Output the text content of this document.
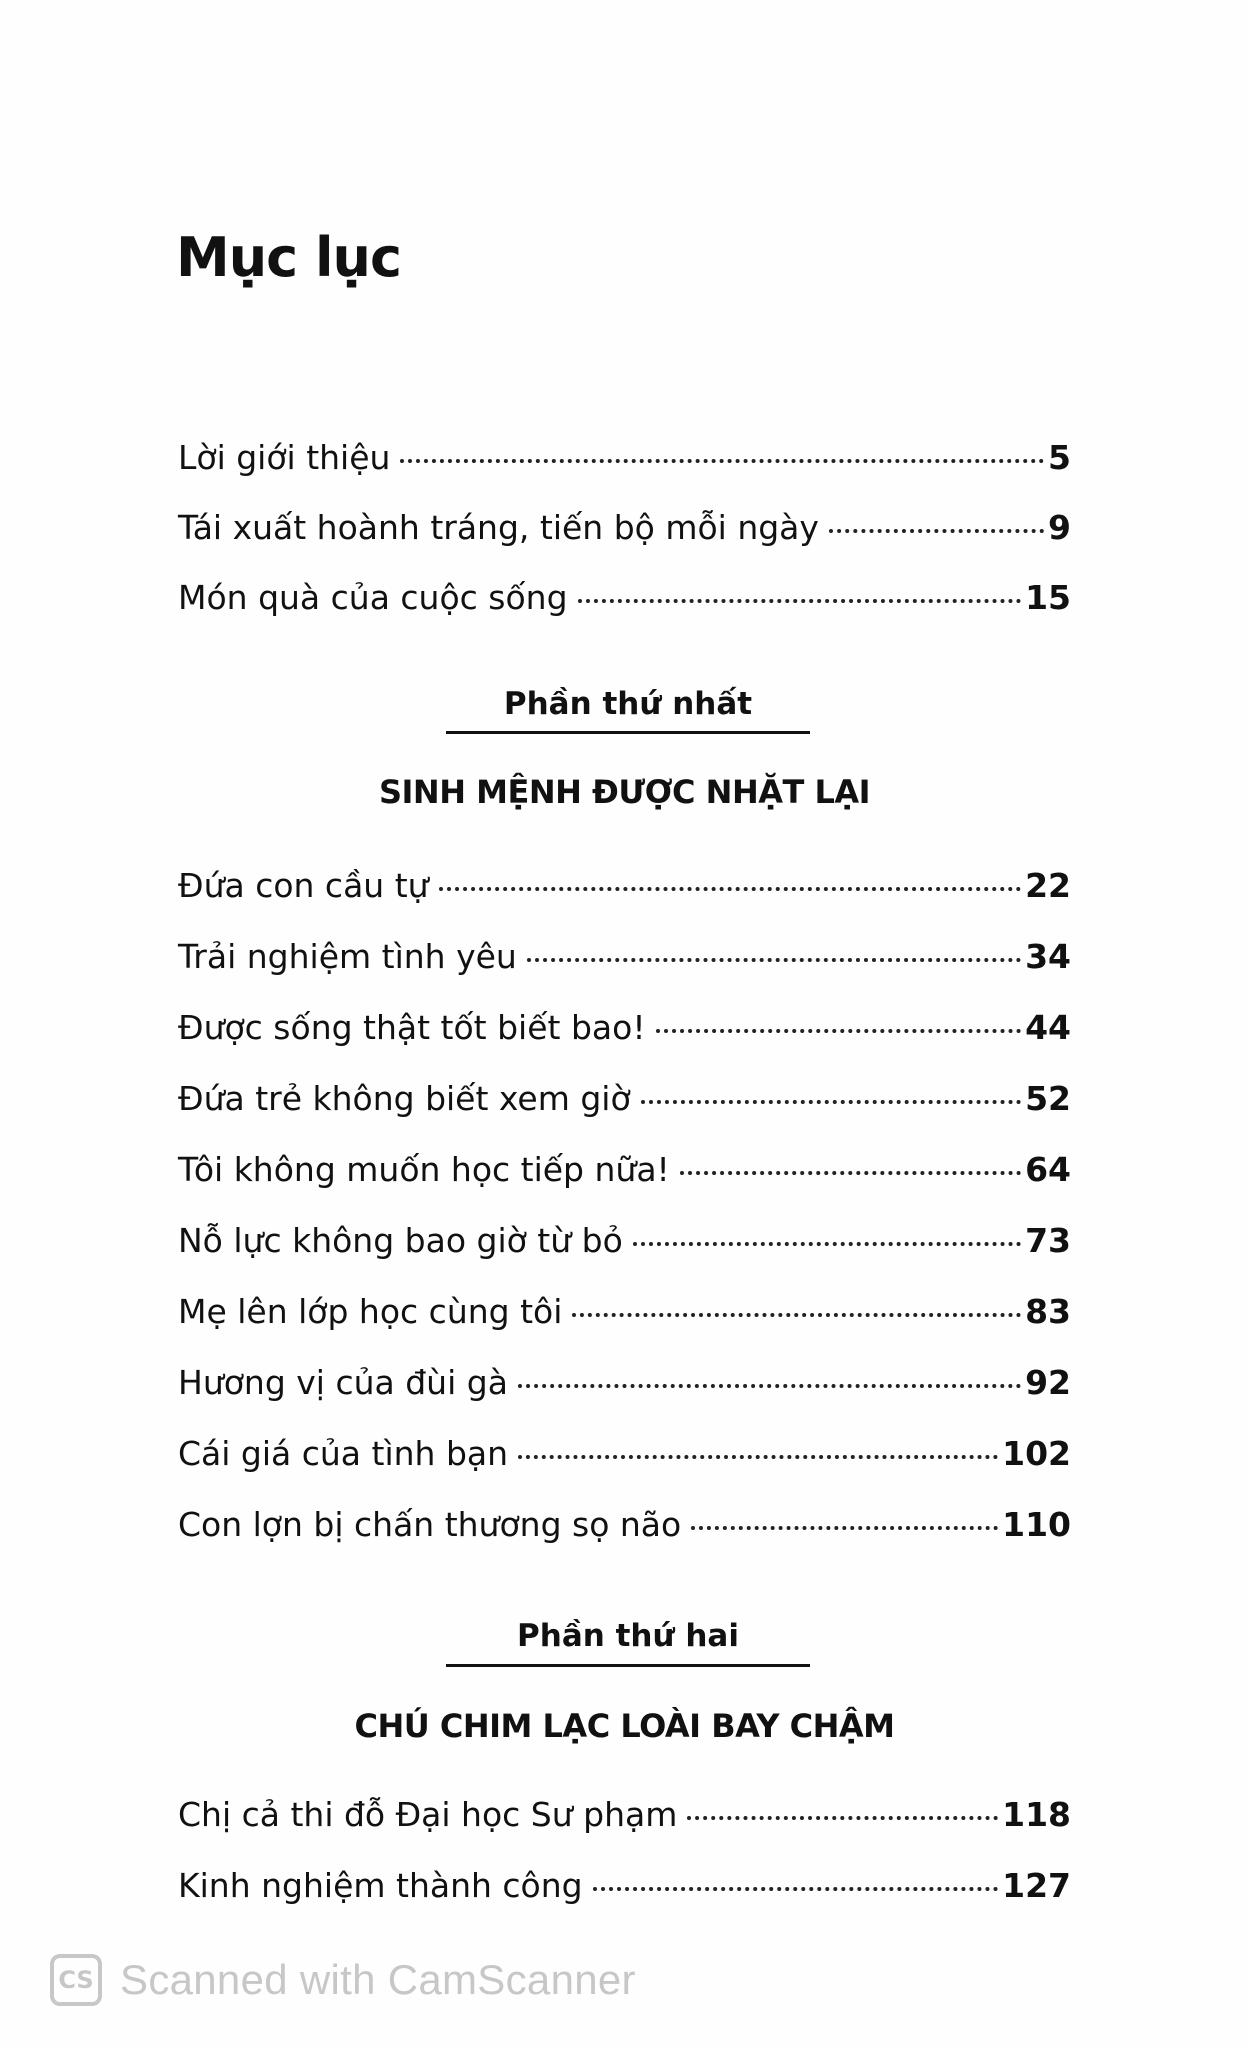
Mục lục
Lời giới thiệu	5
Tái xuất hoành tráng, tiến bộ mỗi ngày	9
Món quà của cuộc sống	15
Phần thứ nhất
SINH MỆNH ĐƯỢC NHẶT LẠI
Đứa con cầu tự	22
Trải nghiệm tình yêu	34
Được sống thật tốt biết bao!	44
Đứa trẻ không biết xem giờ	52
Tôi không muốn học tiếp nữa!	64
Nỗ lực không bao giờ từ bỏ	73
Mẹ lên lớp học cùng tôi	83
Hương vị của đùi gà	92
Cái giá của tình bạn	102
Con lợn bị chấn thương sọ não	110
Phần thứ hai
CHÚ CHIM LẠC LOÀI BAY CHẬM
Chị cả thi đỗ Đại học Sư phạm	118
Kinh nghiệm thành công	127
CS Scanned with CamScanner
